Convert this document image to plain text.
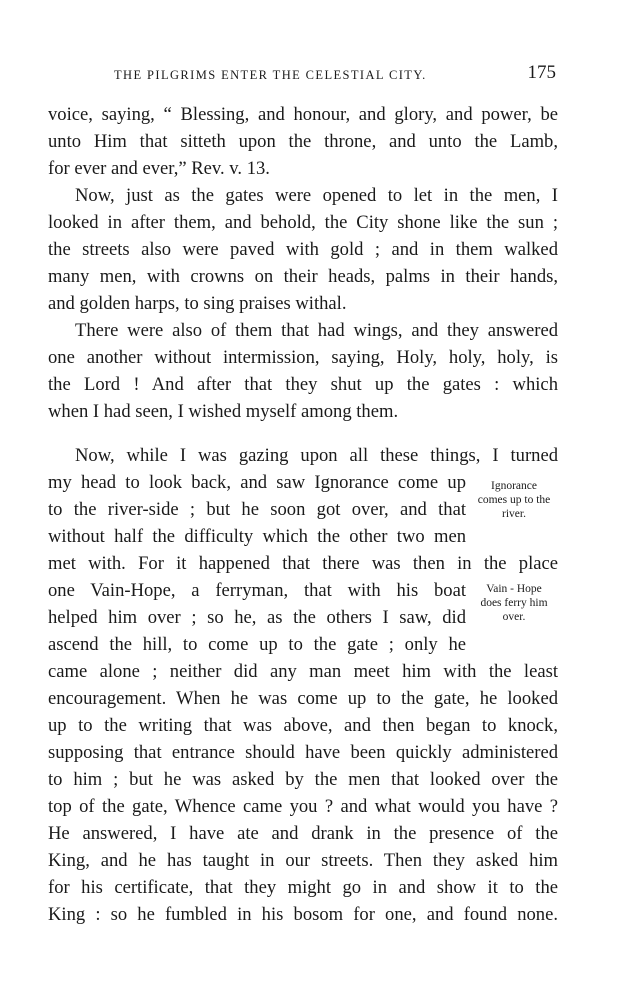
THE PILGRIMS ENTER THE CELESTIAL CITY.	175
voice, saying, “ Blessing, and honour, and glory, and power, be
unto Him that sitteth upon the throne, and unto the Lamb,
for ever and ever,” Rev. v. 13.
Now, just as the gates were opened to let in the men, I
looked in after them, and behold, the City shone like the sun ;
the streets also were paved with gold ; and in them walked
many men, with crowns on their heads, palms in their hands,
and golden harps, to sing praises withal.
There were also of them that had wings, and they answered
one another without intermission, saying, Holy, holy, holy, is
the Lord ! And after that they shut up the gates : which
when I had seen, I wished myself among them.
Now, while I was gazing upon all these things, I turned
my head to look back, and saw Ignorance come up
to the river-side ; but he soon got over, and that
without half the difficulty which the other two men
met with. For it happened that there was then in the place
one Vain-Hope, a ferryman, that with his boat
helped him over ; so he, as the others I saw, did
ascend the hill, to come up to the gate ; only he
came alone ; neither did any man meet him with the least
encouragement. When he was come up to the gate, he looked
up to the writing that was above, and then began to knock,
supposing that entrance should have been quickly administered
to him ; but he was asked by the men that looked over the
top of the gate, Whence came you ? and what would you have ?
He answered, I have ate and drank in the presence of the
King, and he has taught in our streets. Then they asked him
for his certificate, that they might go in and show it to the
King : so he fumbled in his bosom for one, and found none.
Ignorance
comes up to the
river.
Vain - Hope
does ferry him
over.
